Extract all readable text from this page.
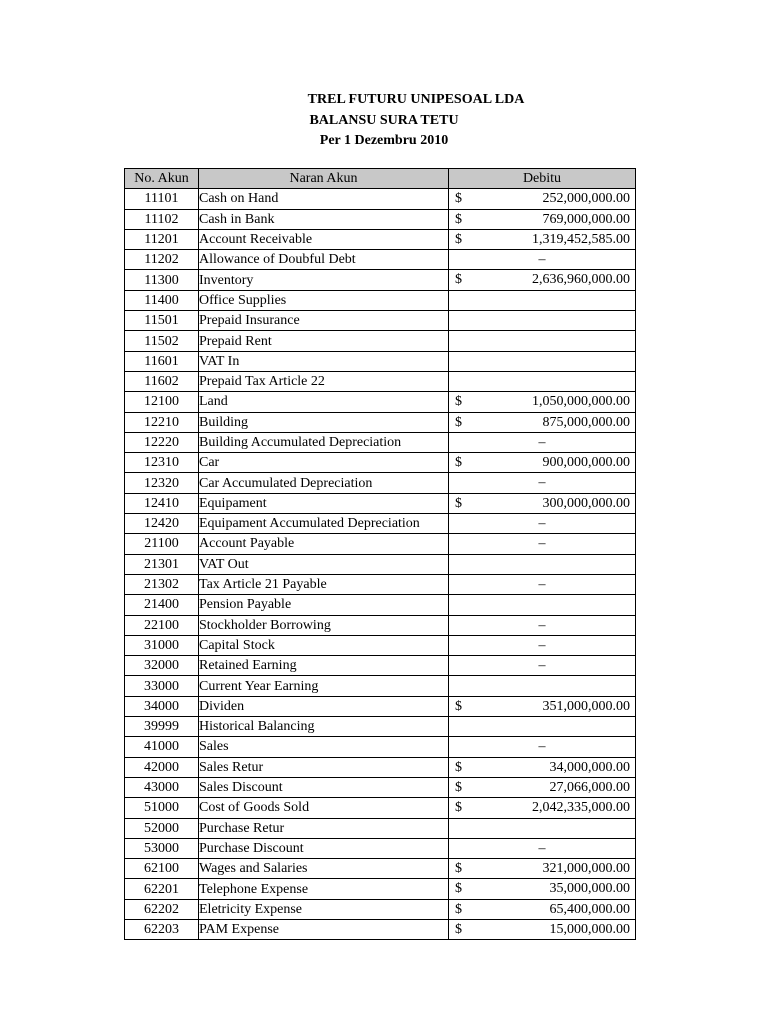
TREL FUTURU UNIPESOAL LDA
BALANSU SURA TETU
Per 1 Dezembru 2010
No. Akun	Naran Akun	Debitu
11101	Cash on Hand	$ 252,000,000.00

11102	Cash in Bank	$ 769,000,000.00

11201	Account Receivable	$ 1,319,452,585.00

11202	Allowance of Doubful Debt	–

11300	Inventory	$ 2,636,960,000.00

11400	Office Supplies	
11501	Prepaid Insurance	
11502	Prepaid Rent	
11601	VAT In	
11602	Prepaid Tax Article 22	
12100	Land	$ 1,050,000,000.00

12210	Building	$ 875,000,000.00

12220	Building Accumulated Depreciation	–

12310	Car	$ 900,000,000.00

12320	Car Accumulated Depreciation	–

12410	Equipament	$ 300,000,000.00

12420	Equipament Accumulated Depreciation	–

21100	Account Payable	–

21301	VAT Out	
21302	Tax Article 21 Payable	–

21400	Pension Payable	
22100	Stockholder Borrowing	–

31000	Capital Stock	–

32000	Retained Earning	–

33000	Current Year Earning	
34000	Dividen	$ 351,000,000.00

39999	Historical Balancing	
41000	Sales	–

42000	Sales Retur	$ 34,000,000.00

43000	Sales Discount	$ 27,066,000.00

51000	Cost of Goods Sold	$ 2,042,335,000.00

52000	Purchase Retur	
53000	Purchase Discount	–

62100	Wages and Salaries	$ 321,000,000.00

62201	Telephone Expense	$ 35,000,000.00

62202	Eletricity Expense	$ 65,400,000.00

62203	PAM Expense	$ 15,000,000.00
